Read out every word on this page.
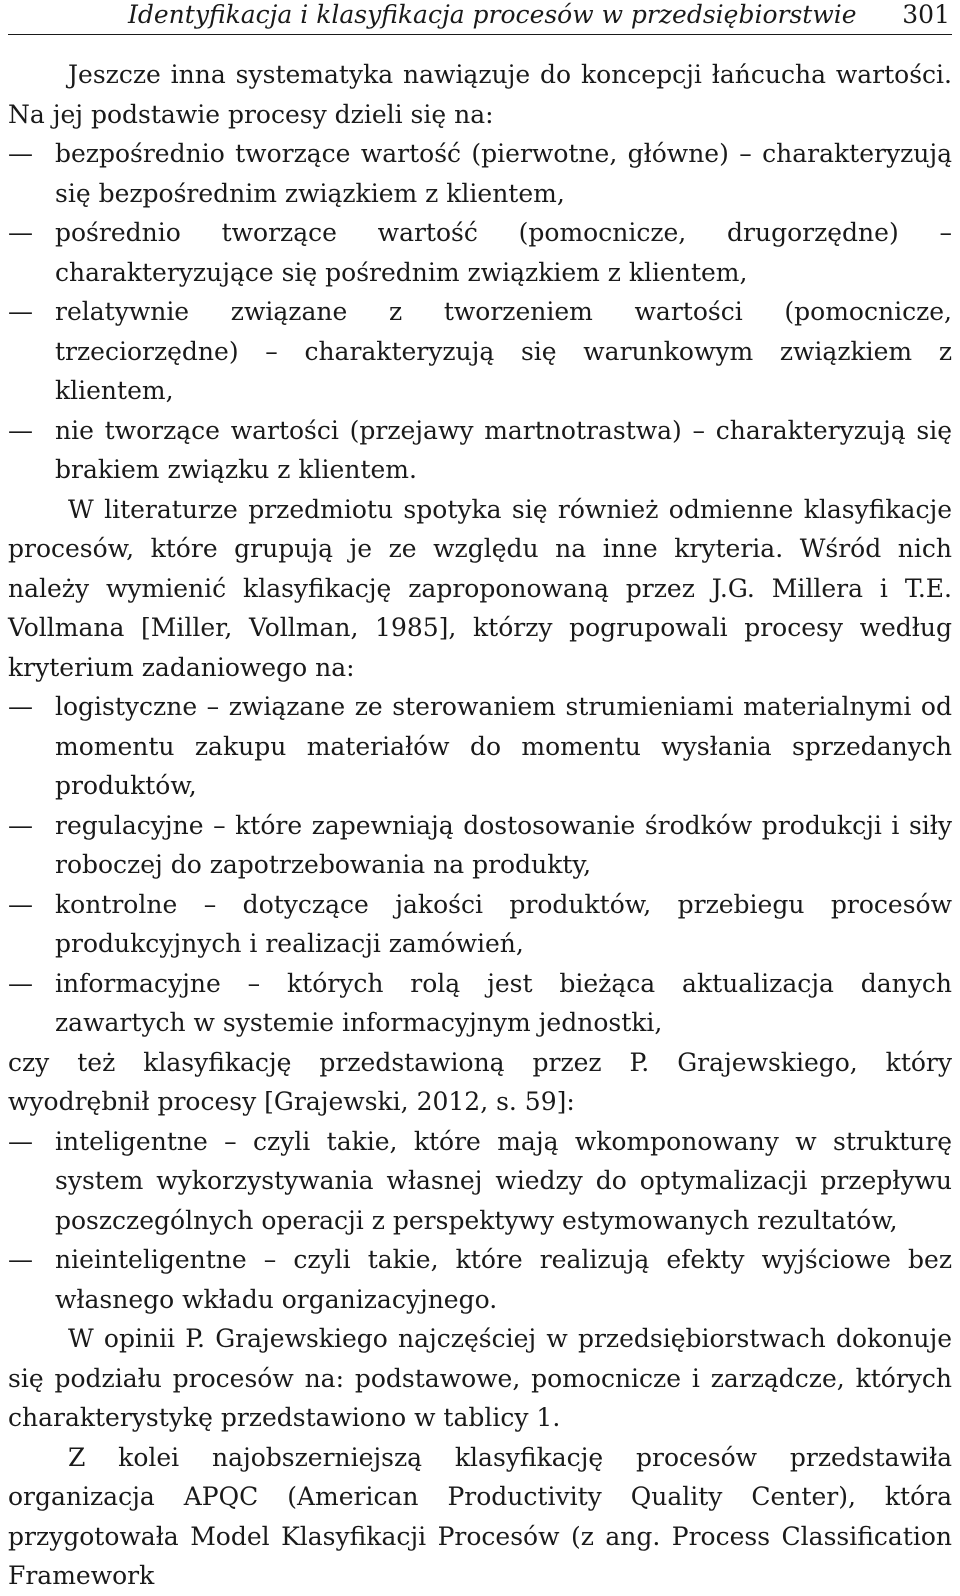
Identyfikacja i klasyfikacja procesów w przedsiębiorstwie 301

Jeszcze inna systematyka nawiązuje do koncepcji łańcucha wartości. Na jej podstawie procesy dzieli się na:

— bezpośrednio tworzące wartość (pierwotne, główne) – charakteryzują się bezpośrednim związkiem z klientem,
— pośrednio tworzące wartość (pomocnicze, drugorzędne) – charakteryzujące się pośrednim związkiem z klientem,
— relatywnie związane z tworzeniem wartości (pomocnicze, trzeciorzędne) – charakteryzują się warunkowym związkiem z klientem,
— nie tworzące wartości (przejawy martnotrastwa) – charakteryzują się brakiem związku z klientem.

W literaturze przedmiotu spotyka się również odmienne klasyfikacje procesów, które grupują je ze względu na inne kryteria. Wśród nich należy wymienić klasyfikację zaproponowaną przez J.G. Millera i T.E. Vollmana [Miller, Vollman, 1985], którzy pogrupowali procesy według kryterium zadaniowego na:

— logistyczne – związane ze sterowaniem strumieniami materialnymi od momentu zakupu materiałów do momentu wysłania sprzedanych produktów,
— regulacyjne – które zapewniają dostosowanie środków produkcji i siły roboczej do zapotrzebowania na produkty,
— kontrolne – dotyczące jakości produktów, przebiegu procesów produkcyjnych i realizacji zamówień,
— informacyjne – których rolą jest bieżąca aktualizacja danych zawartych w systemie informacyjnym jednostki,

czy też klasyfikację przedstawioną przez P. Grajewskiego, który wyodrębnił procesy [Grajewski, 2012, s. 59]:

— inteligentne – czyli takie, które mają wkomponowany w strukturę system wykorzystywania własnej wiedzy do optymalizacji przepływu poszczególnych operacji z perspektywy estymowanych rezultatów,
— nieinteligentne – czyli takie, które realizują efekty wyjściowe bez własnego wkładu organizacyjnego.

W opinii P. Grajewskiego najczęściej w przedsiębiorstwach dokonuje się podziału procesów na: podstawowe, pomocnicze i zarządcze, których charakterystykę przedstawiono w tablicy 1.

Z kolei najobszerniejszą klasyfikację procesów przedstawiła organizacja APQC (American Productivity Quality Center), która przygotowała Model Klasyfikacji Procesów (z ang. Process Classification Framework
